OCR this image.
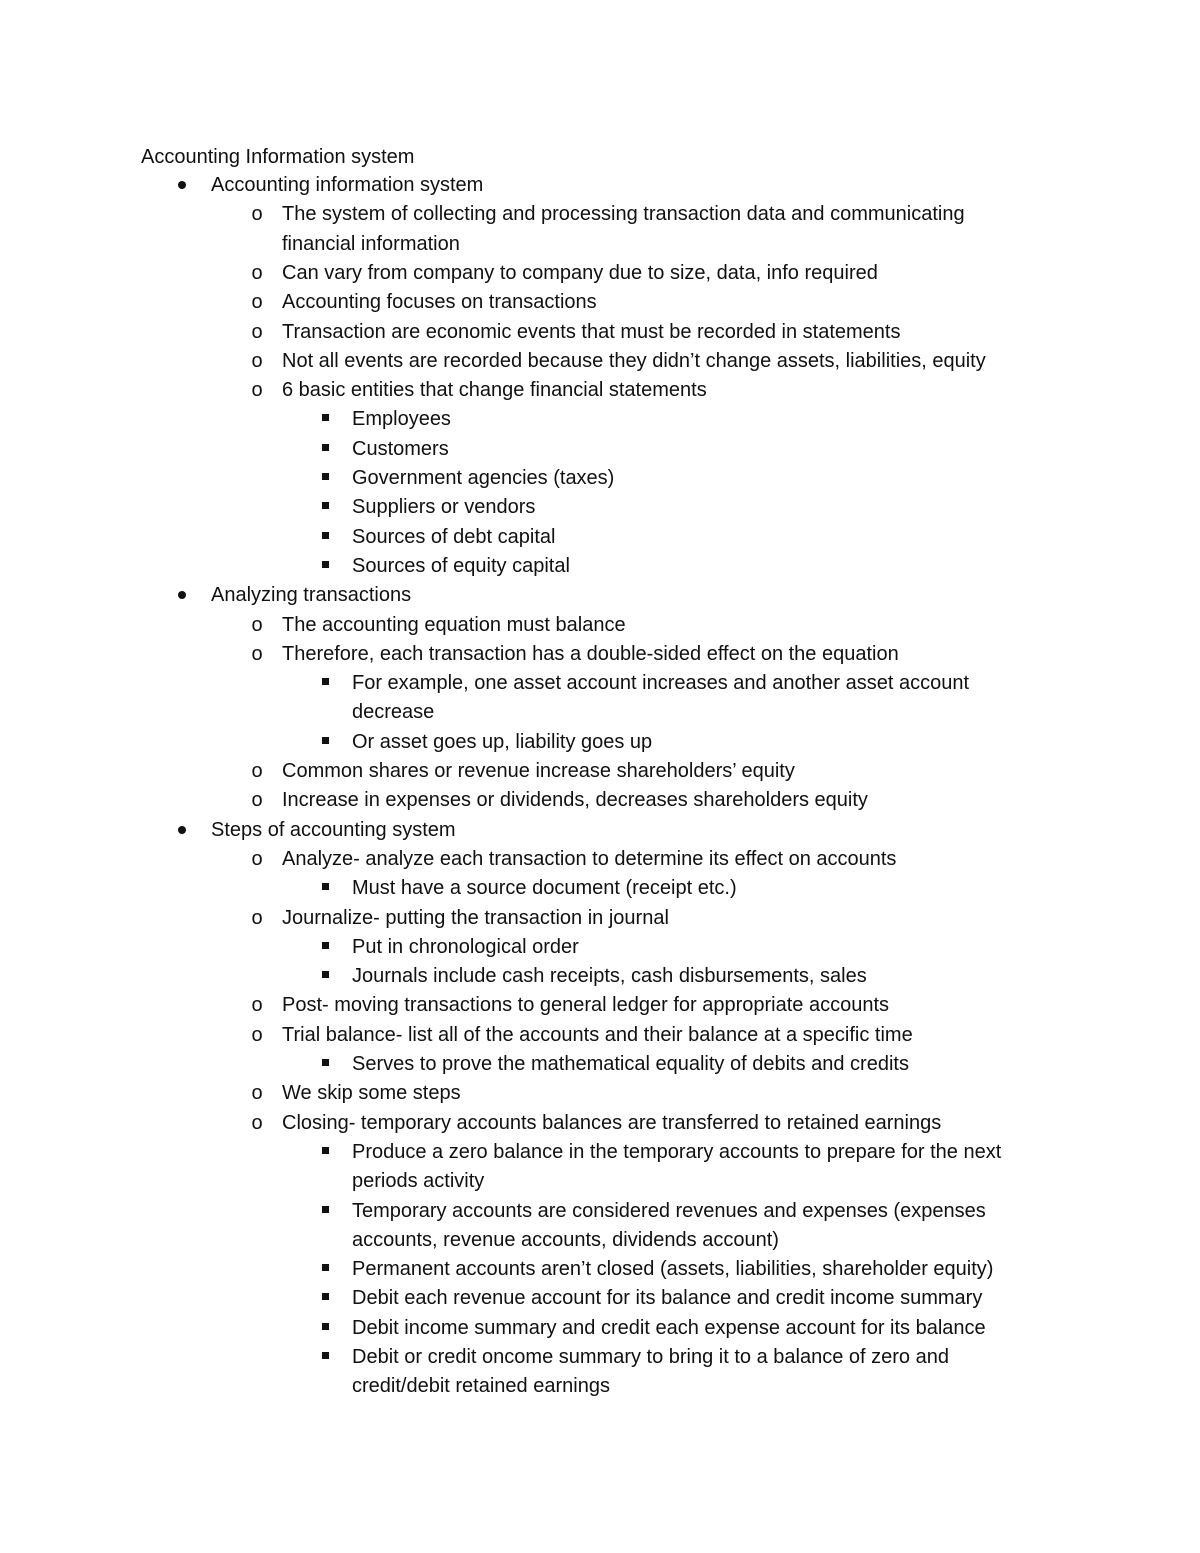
Accounting Information system
Accounting information system
o The system of collecting and processing transaction data and communicating
financial information
o Can vary from company to company due to size, data, info required
o Accounting focuses on transactions
o Transaction are economic events that must be recorded in statements
o Not all events are recorded because they didn’t change assets, liabilities, equity
o 6 basic entities that change financial statements
Employees
Customers
Government agencies (taxes)
Suppliers or vendors
Sources of debt capital
Sources of equity capital
Analyzing transactions
o The accounting equation must balance
o Therefore, each transaction has a double-sided effect on the equation
For example, one asset account increases and another asset account
decrease
Or asset goes up, liability goes up
o Common shares or revenue increase shareholders’ equity
o Increase in expenses or dividends, decreases shareholders equity
Steps of accounting system
o Analyze- analyze each transaction to determine its effect on accounts
Must have a source document (receipt etc.)
o Journalize- putting the transaction in journal
Put in chronological order
Journals include cash receipts, cash disbursements, sales
o Post- moving transactions to general ledger for appropriate accounts
o Trial balance- list all of the accounts and their balance at a specific time
Serves to prove the mathematical equality of debits and credits
o We skip some steps
o Closing- temporary accounts balances are transferred to retained earnings
Produce a zero balance in the temporary accounts to prepare for the next
periods activity
Temporary accounts are considered revenues and expenses (expenses
accounts, revenue accounts, dividends account)
Permanent accounts aren’t closed (assets, liabilities, shareholder equity)
Debit each revenue account for its balance and credit income summary
Debit income summary and credit each expense account for its balance
Debit or credit oncome summary to bring it to a balance of zero and
credit/debit retained earnings
